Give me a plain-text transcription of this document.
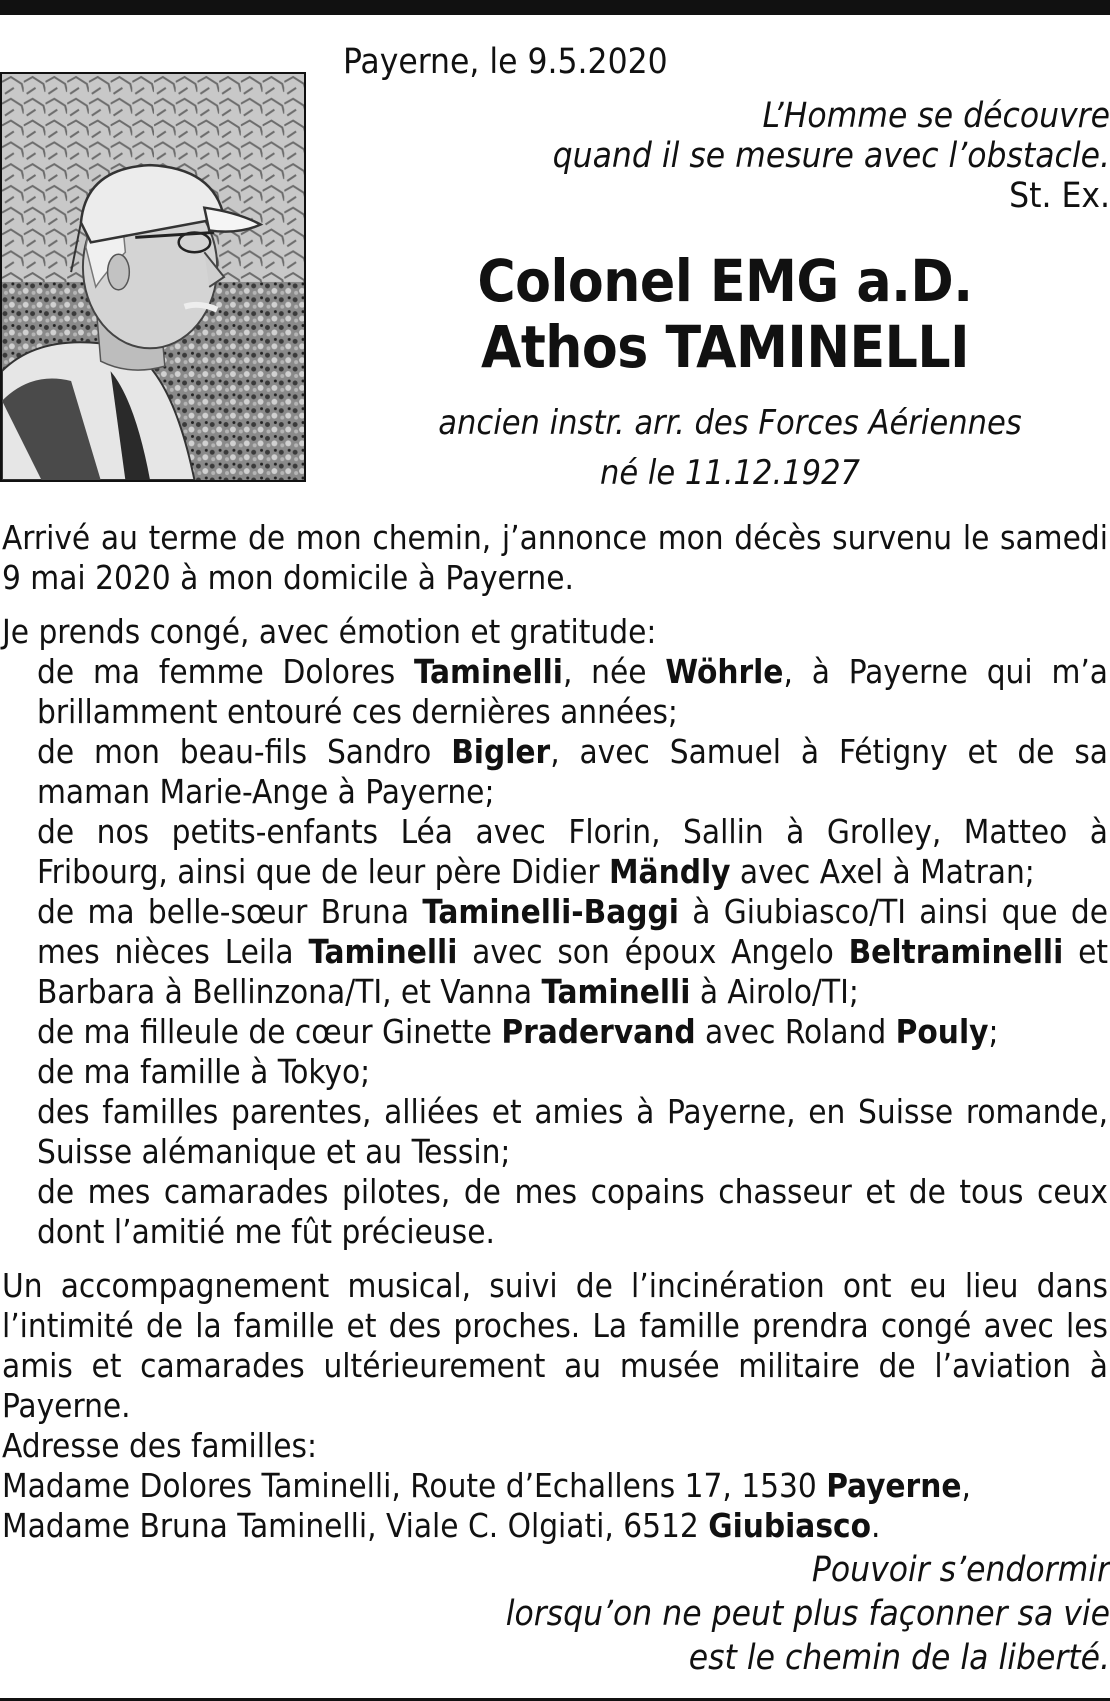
Payerne, le 9.5.2020
L’Homme se découvre
quand il se mesure avec l’obstacle.
St. Ex.
Colonel EMG a.D.
Athos TAMINELLI
ancien instr. arr. des Forces Aériennes
né le 11.12.1927

Arrivé au terme de mon chemin, j’annonce mon décès survenu le samedi 9 mai 2020 à mon domicile à Payerne.

Je prends congé, avec émotion et gratitude:

de ma femme Dolores Taminelli, née Wöhrle, à Payerne qui m’a brillamment entouré ces dernières années;
de mon beau-fils Sandro Bigler, avec Samuel à Fétigny et de sa maman Marie-Ange à Payerne;
de nos petits-enfants Léa avec Florin, Sallin à Grolley, Matteo à Fribourg, ainsi que de leur père Didier Mändly avec Axel à Matran;
de ma belle-sœur Bruna Taminelli-Baggi à Giubiasco/TI ainsi que de mes nièces Leila Taminelli avec son époux Angelo Beltraminelli et Barbara à Bellinzona/TI, et Vanna Taminelli à Airolo/TI;
de ma filleule de cœur Ginette Pradervand avec Roland Pouly;
de ma famille à Tokyo;
des familles parentes, alliées et amies à Payerne, en Suisse romande, Suisse alémanique et au Tessin;
de mes camarades pilotes, de mes copains chasseur et de tous ceux dont l’amitié me fût précieuse.

Un accompagnement musical, suivi de l’incinération ont eu lieu dans l’intimité de la famille et des proches. La famille prendra congé avec les amis et camarades ultérieurement au musée militaire de l’aviation à Payerne.

Adresse des familles:

Madame Dolores Taminelli, Route d’Echallens 17, 1530 Payerne,
Madame Bruna Taminelli, Viale C. Olgiati, 6512 Giubiasco.
Pouvoir s’endormir
lorsqu’on ne peut plus façonner sa vie
est le chemin de la liberté.
